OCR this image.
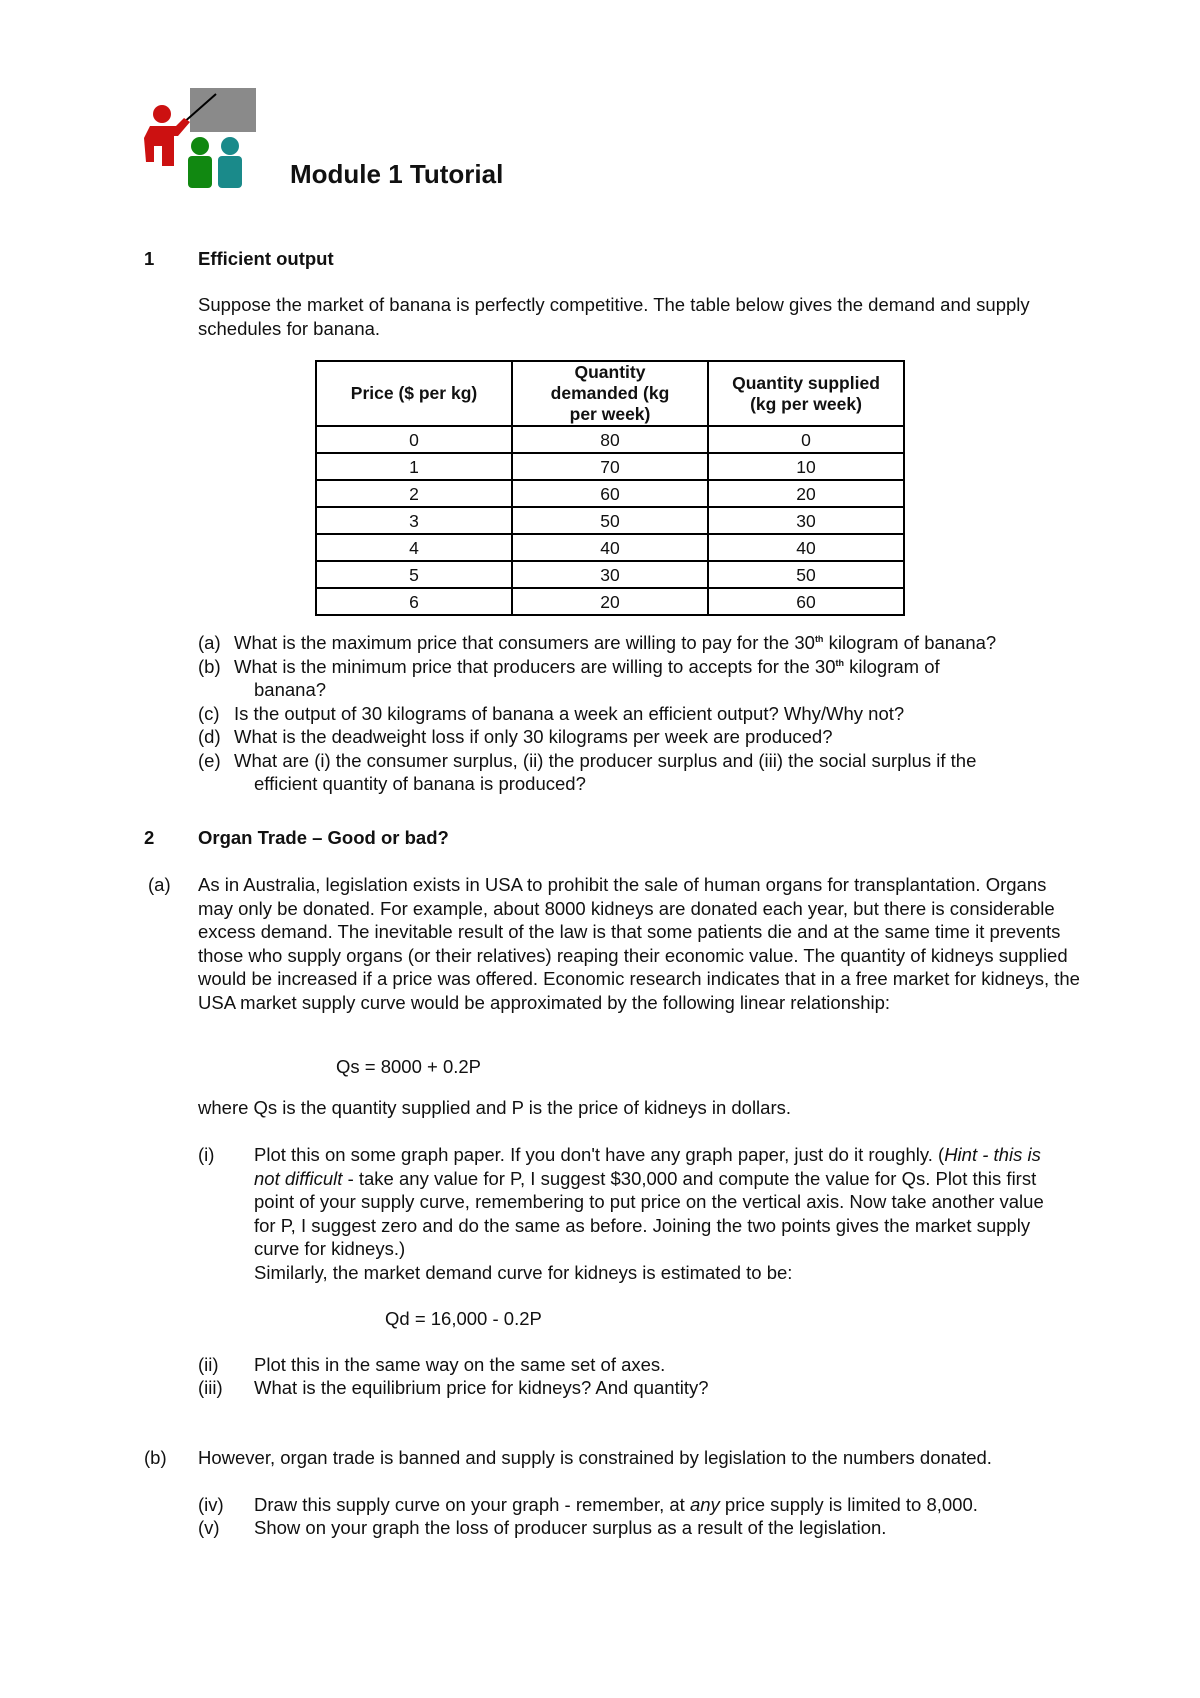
Module 1 Tutorial
1 Efficient output
Suppose the market of banana is perfectly competitive. The table below gives the demand and supply schedules for banana.
Price ($ per kg)	Quantity demanded (kg per week)	Quantity supplied (kg per week)
0	80	0
1	70	10
2	60	20
3	50	30
4	40	40
5	30	50
6	20	60
(a) What is the maximum price that consumers are willing to pay for the 30th kilogram of banana?
(b) What is the minimum price that producers are willing to accepts for the 30th kilogram of
banana?
(c) Is the output of 30 kilograms of banana a week an efficient output? Why/Why not?
(d) What is the deadweight loss if only 30 kilograms per week are produced?
(e) What are (i) the consumer surplus, (ii) the producer surplus and (iii) the social surplus if the
efficient quantity of banana is produced?
2 Organ Trade – Good or bad?
(a) As in Australia, legislation exists in USA to prohibit the sale of human organs for transplantation. Organs may only be donated. For example, about 8000 kidneys are donated each year, but there is considerable excess demand. The inevitable result of the law is that some patients die and at the same time it prevents those who supply organs (or their relatives) reaping their economic value. The quantity of kidneys supplied would be increased if a price was offered. Economic research indicates that in a free market for kidneys, the USA market supply curve would be approximated by the following linear relationship:
Qs = 8000 + 0.2P
where Qs is the quantity supplied and P is the price of kidneys in dollars.
(i)	Plot this on some graph paper. If you don't have any graph paper, just do it roughly. (Hint - this is not difficult - take any value for P, I suggest $30,000 and compute the value for Qs. Plot this first point of your supply curve, remembering to put price on the vertical axis. Now take another value for P, I suggest zero and do the same as before. Joining the two points gives the market supply curve for kidneys.)
Similarly, the market demand curve for kidneys is estimated to be:
Qd = 16,000 - 0.2P
(ii)	Plot this in the same way on the same set of axes.
(iii)	What is the equilibrium price for kidneys? And quantity?
(b) However, organ trade is banned and supply is constrained by legislation to the numbers donated.
(iv)	Draw this supply curve on your graph - remember, at any price supply is limited to 8,000.
(v)	Show on your graph the loss of producer surplus as a result of the legislation.
